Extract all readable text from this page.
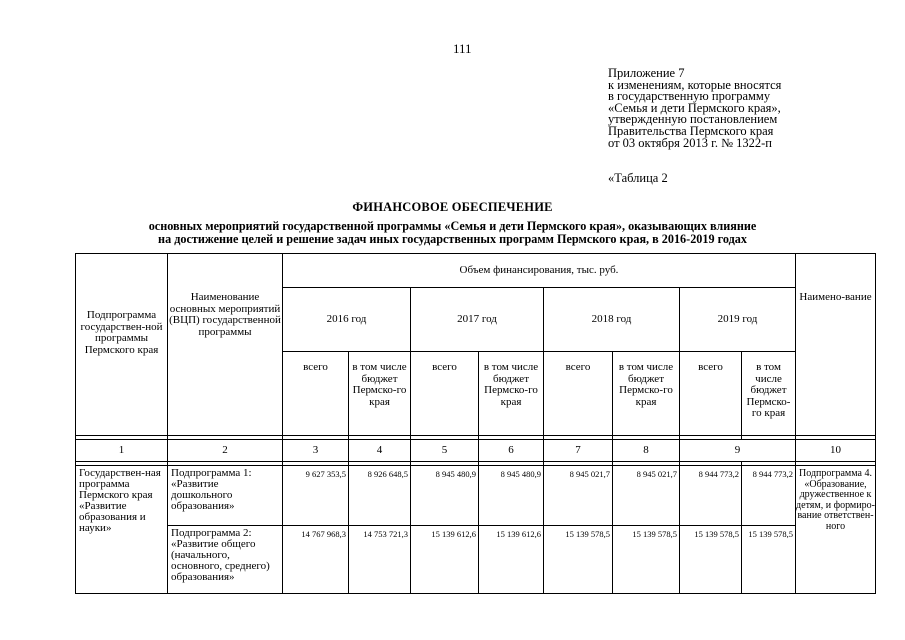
111
Приложение 7
к изменениям, которые вносятся
в государственную программу
«Семья и дети Пермского края»,
утвержденную постановлением
Правительства Пермского края
от 03 октября 2013 г. № 1322-п
«Таблица 2
ФИНАНСОВОЕ ОБЕСПЕЧЕНИЕ
основных мероприятий государственной программы «Семья и дети Пермского края», оказывающих влияние
на достижение целей и решение задач иных государственных программ Пермского края, в 2016-2019 годах
Подпрограмма государствен-ной программы Пермского края	Наименование основных мероприятий (ВЦП) государственной программы	Объем финансирования, тыс. руб.								Наимено-вание
		2016 год		2017 год		2018 год		2019 год		
		всего	в том числе бюджет Пермско-го края	всего	в том числе бюджет Пермско-го края	всего	в том числе бюджет Пермско-го края	всего	в том числе бюджет Пермско-го края	

1	2	3	4	5	6	7	8	9		10

Государствен-ная программа Пермского края «Развитие образования и науки»	Подпрограмма 1: «Развитие дошкольного образования»	9 627 353,5	8 926 648,5	8 945 480,9	8 945 480,9	8 945 021,7	8 945 021,7	8 944 773,2	8 944 773,2	Подпрограмма 4. «Образование, дружественное к детям, и формиро-вание ответствен-ного
	Подпрограмма 2: «Развитие общего (начального, основного, среднего) образования»	14 767 968,3	14 753 721,3	15 139 612,6	15 139 612,6	15 139 578,5	15 139 578,5	15 139 578,5	15 139 578,5	
